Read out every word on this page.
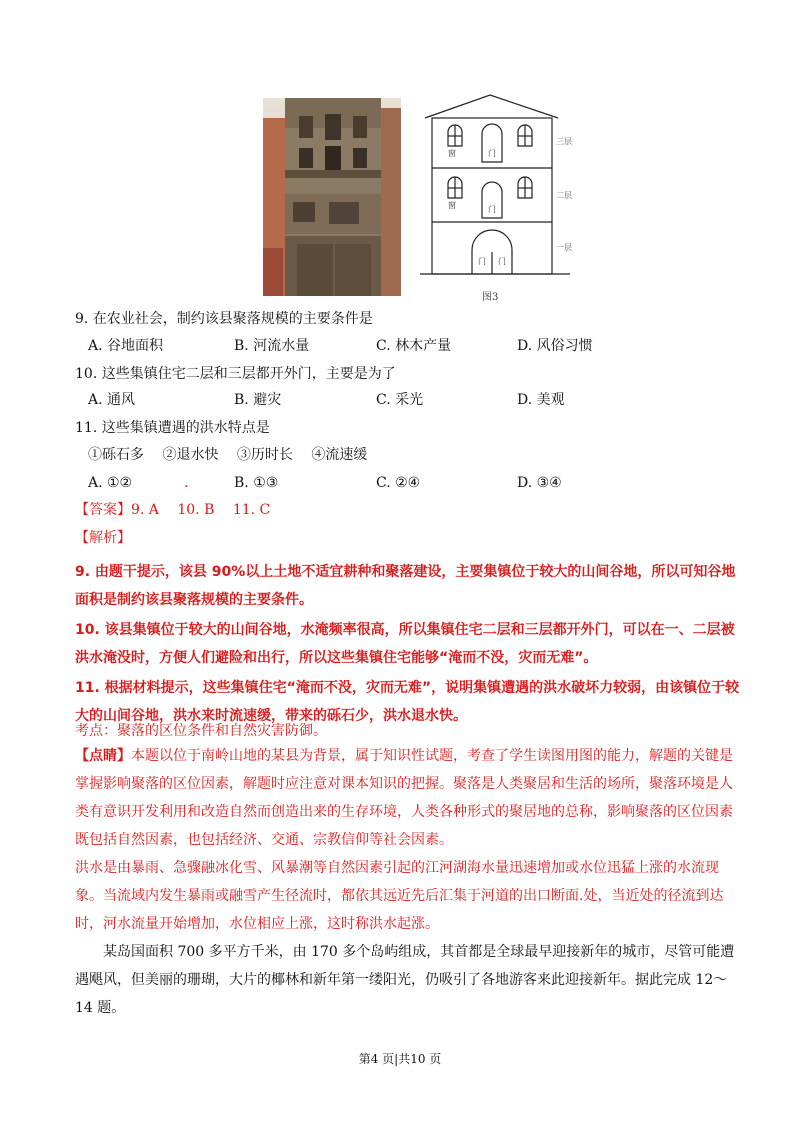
窗	门
窗	门
门 门
三层
二层
一层
图3
9. 在农业社会，制约该县聚落规模的主要条件是
A. 谷地面积	B. 河流水量	C. 林木产量	D. 风俗习惯
10. 这些集镇住宅二层和三层都开外门，主要是为了
A. 通风	B. 避灾	C. 采光	D. 美观
11. 这些集镇遭遇的洪水特点是
①砾石多　 ②退水快　 ③历时长　 ④流速缓
A. ①②	.	B. ①③	C. ②④	D. ③④
【答案】9. A　 10. B　 11. C
【解析】
9. 由题干提示，该县 90%以上土地不适宜耕种和聚落建设，主要集镇位于较大的山间谷地，所以可知谷地面积是制约该县聚落规模的主要条件。
10. 该县集镇位于较大的山间谷地，水淹频率很高，所以集镇住宅二层和三层都开外门，可以在一、二层被洪水淹没时，方便人们避险和出行，所以这些集镇住宅能够“淹而不没，灾而无难”。
11. 根据材料提示，这些集镇住宅“淹而不没，灾而无难”，说明集镇遭遇的洪水破坏力较弱，由该镇位于较大的山间谷地，洪水来时流速缓，带来的砾石少，洪水退水快。
考点：聚落的区位条件和自然灾害防御。
【点睛】本题以位于南岭山地的某县为背景，属于知识性试题，考查了学生读图用图的能力，解题的关键是掌握影响聚落的区位因素，解题时应注意对课本知识的把握。聚落是人类聚居和生活的场所，聚落环境是人类有意识开发利用和改造自然而创造出来的生存环境，人类各种形式的聚居地的总称，影响聚落的区位因素既包括自然因素，也包括经济、交通、宗教信仰等社会因素。
洪水是由暴雨、急骤融冰化雪、风暴潮等自然因素引起的江河湖海水量迅速增加或水位迅猛上涨的水流现象。当流域内发生暴雨或融雪产生径流时，都依其远近先后汇集于河道的出口断面.处，当近处的径流到达时，河水流量开始增加，水位相应上涨，这时称洪水起涨。
某岛国面积 700 多平方千米，由 170 多个岛屿组成，其首都是全球最早迎接新年的城市，尽管可能遭遇飓风，但美丽的珊瑚，大片的椰林和新年第一缕阳光，仍吸引了各地游客来此迎接新年。据此完成 12～14 题。
第4 页|共10 页
